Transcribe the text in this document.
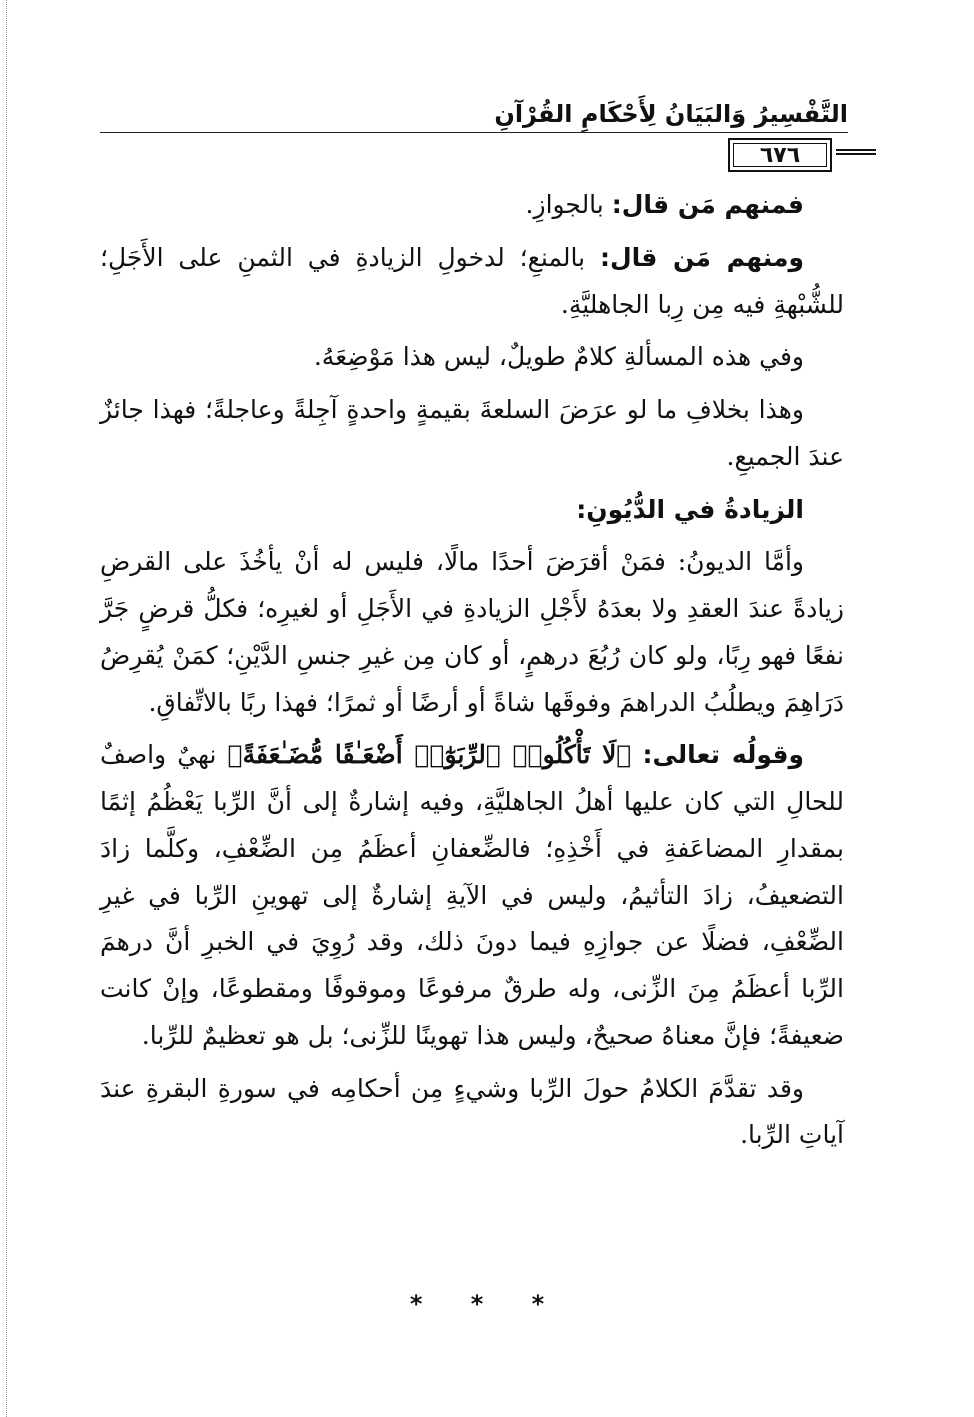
التَّفْسِيرُ وَالبَيَانُ لِأَحْكَامِ القُرْآنِ
٦٧٦

فمنهم مَن قال: بالجوازِ.

ومنهم مَن قال: بالمنعِ؛ لدخولِ الزيادةِ في الثمنِ على الأَجَلِ؛ للشُّبْهةِ فيه مِن رِبا الجاهليَّةِ.

وفي هذه المسألةِ كلامٌ طويلٌ، ليس هذا مَوْضِعَهُ.

وهذا بخلافِ ما لو عرَضَ السلعةَ بقيمةٍ واحدةٍ آجِلةً وعاجلةً؛ فهذا جائزٌ عندَ الجميعِ.

الزيادةُ في الدُّيُونِ:

وأمَّا الديونُ: فمَنْ أقرَضَ أحدًا مالًا، فليس له أنْ يأخُذَ على القرضِ زيادةً عندَ العقدِ ولا بعدَهُ لأَجْلِ الزيادةِ في الأَجَلِ أو لغيرِه؛ فكلُّ قرضٍ جَرَّ نفعًا فهو رِبًا، ولو كان رُبُعَ درهمٍ، أو كان مِن غيرِ جنسِ الدَّيْنِ؛ كمَنْ يُقرِضُ دَرَاهِمَ ويطلُبُ الدراهمَ وفوقَها شاةً أو أرضًا أو ثمرًا؛ فهذا ربًا بالاتِّفاقِ.

وقولُه تعالى: ﴿لَا تَأْكُلُوا۟ ٱلرِّبَوٰٓا۟ أَضْعَـٰفًا مُّضَـٰعَفَةً﴾ نهيٌ واصفٌ للحالِ التي كان عليها أهلُ الجاهليَّةِ، وفيه إشارةٌ إلى أنَّ الرِّبا يَعْظُمُ إثمًا بمقدارِ المضاعَفةِ في أَخْذِهِ؛ فالضِّعفانِ أعظَمُ مِن الضِّعْفِ، وكلَّما زادَ التضعيفُ، زادَ التأثيمُ، وليس في الآيةِ إشارةٌ إلى تهوينِ الرِّبا في غيرِ الضِّعْفِ، فضلًا عن جوازِهِ فيما دونَ ذلك، وقد رُوِيَ في الخبرِ أنَّ درهمَ الرِّبا أعظَمُ مِنَ الزِّنى، وله طرقٌ مرفوعًا وموقوفًا ومقطوعًا، وإنْ كانت ضعيفةً؛ فإنَّ معناهُ صحيحٌ، وليس هذا تهوينًا للزِّنى؛ بل هو تعظيمٌ للرِّبا.

وقد تقدَّمَ الكلامُ حولَ الرِّبا وشيءٍ مِن أحكامِه في سورةِ البقرةِ عندَ آياتِ الرِّبا.

* * *
